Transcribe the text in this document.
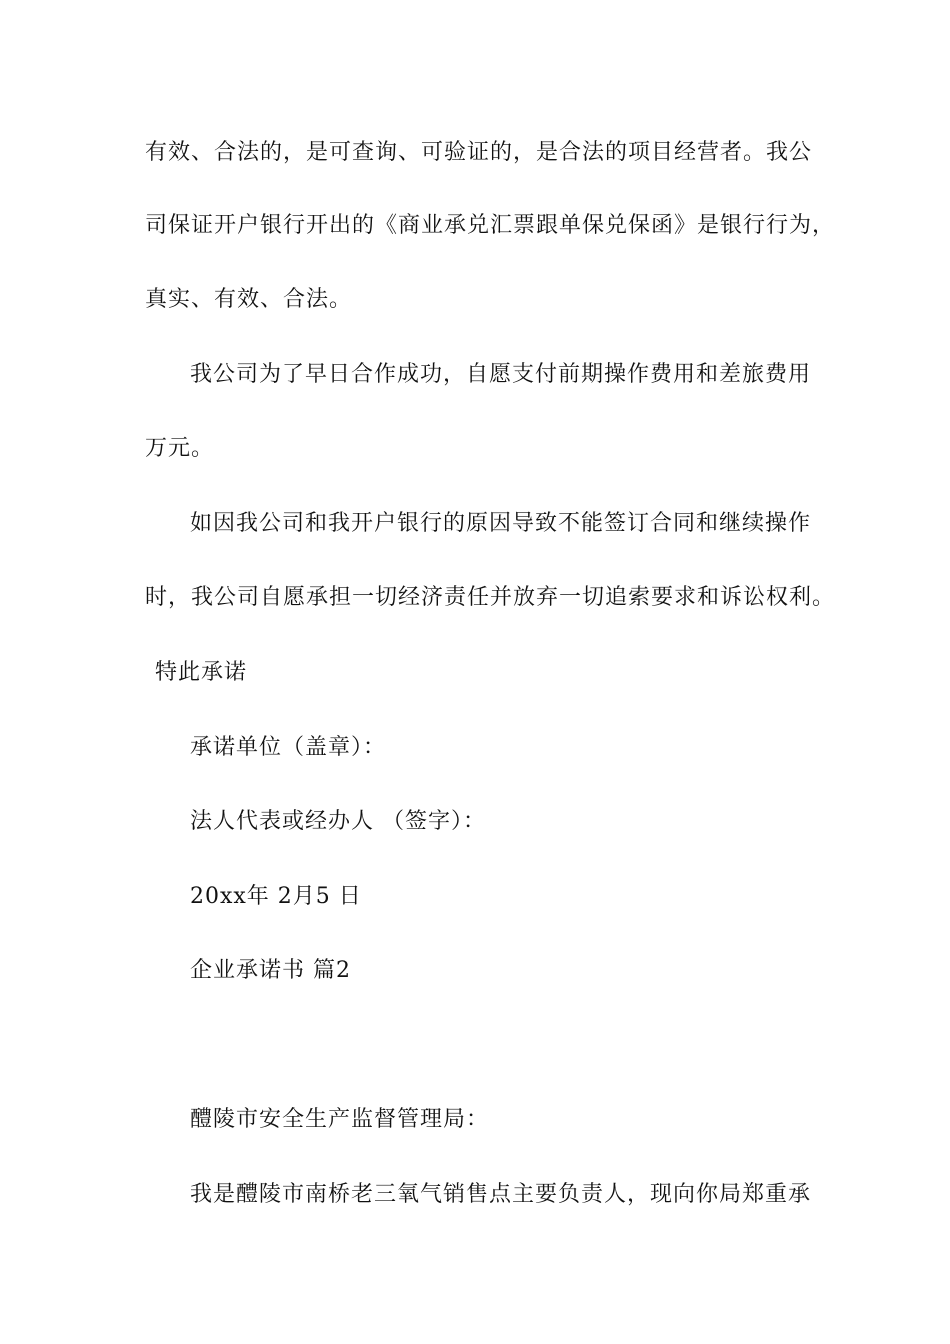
有效、合法的，是可查询、可验证的，是合法的项目经营者。我公
司保证开户银行开出的《商业承兑汇票跟单保兑保函》是银行行为，
真实、有效、合法。
我公司为了早日合作成功，自愿支付前期操作费用和差旅费用
万元。
如因我公司和我开户银行的原因导致不能签订合同和继续操作
时，我公司自愿承担一切经济责任并放弃一切追索要求和诉讼权利。
特此承诺
承诺单位（盖章）：
法人代表或经办人 （签字）：
20xx年 2月5 日
企业承诺书 篇2
醴陵市安全生产监督管理局：
我是醴陵市南桥老三氧气销售点主要负责人，现向你局郑重承
